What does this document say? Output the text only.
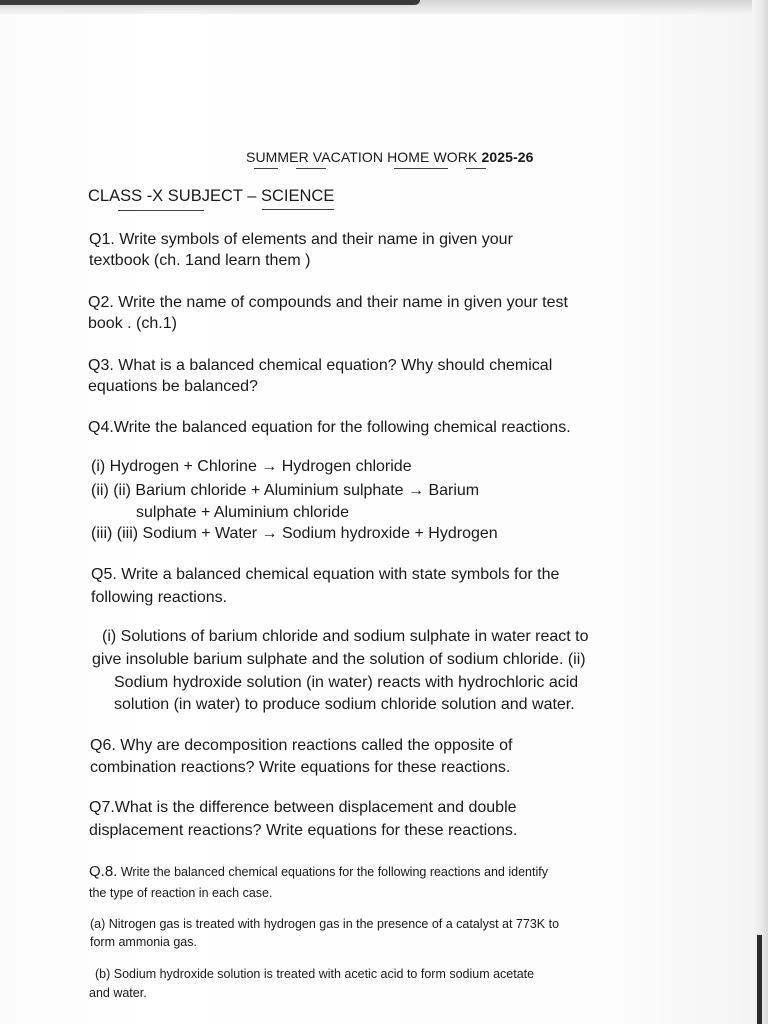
SUMMER VACATION HOME WORK 2025-26
CLASS -X SUBJECT – SCIENCE
Q1. Write symbols of elements and their name in given your
textbook (ch. 1and learn them )
Q2. Write the name of compounds and their name in given your test
book . (ch.1)
Q3. What is a balanced chemical equation? Why should chemical
equations be balanced?
Q4.Write the balanced equation for the following chemical reactions.
(i) Hydrogen + Chlorine → Hydrogen chloride
(ii) (ii) Barium chloride + Aluminium sulphate → Barium
sulphate + Aluminium chloride
(iii) (iii) Sodium + Water → Sodium hydroxide + Hydrogen
Q5. Write a balanced chemical equation with state symbols for the
following reactions.
(i) Solutions of barium chloride and sodium sulphate in water react to
give insoluble barium sulphate and the solution of sodium chloride. (ii)
Sodium hydroxide solution (in water) reacts with hydrochloric acid
solution (in water) to produce sodium chloride solution and water.
Q6. Why are decomposition reactions called the opposite of
combination reactions? Write equations for these reactions.
Q7.What is the difference between displacement and double
displacement reactions? Write equations for these reactions.
Q.8. Write the balanced chemical equations for the following reactions and identify
the type of reaction in each case.
(a) Nitrogen gas is treated with hydrogen gas in the presence of a catalyst at 773K to
form ammonia gas.
(b) Sodium hydroxide solution is treated with acetic acid to form sodium acetate
and water.
